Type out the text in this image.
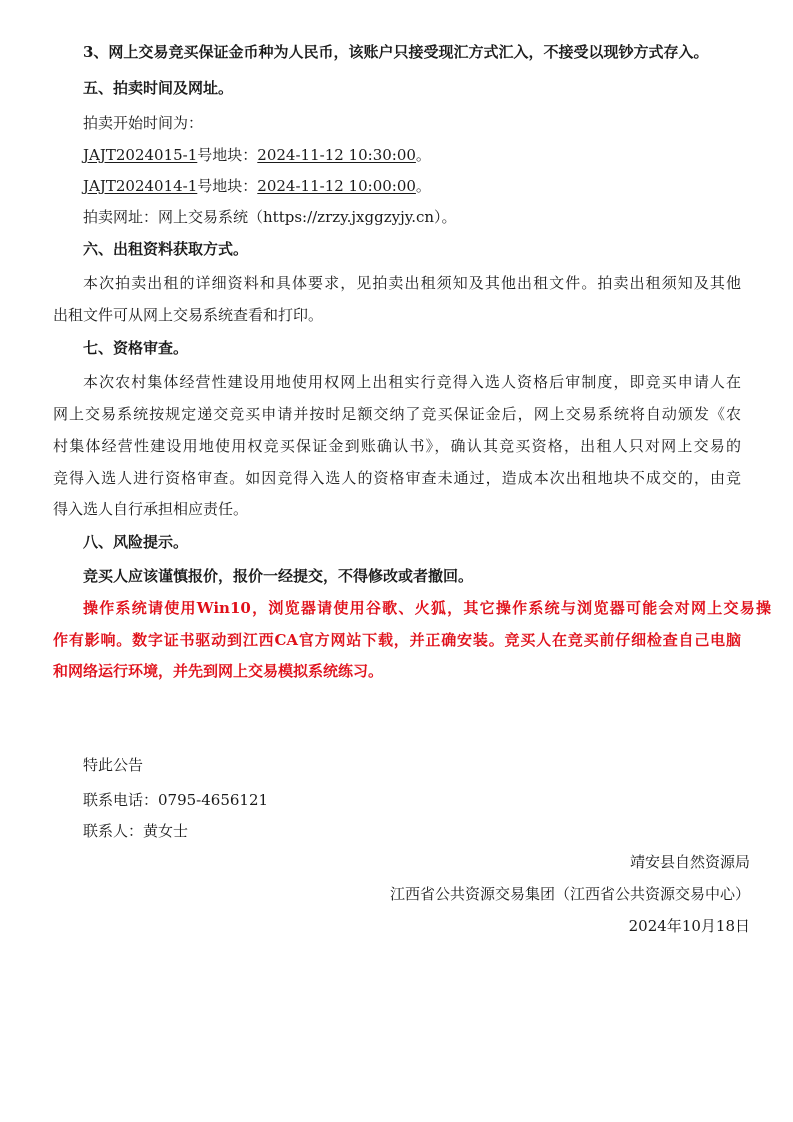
3、网上交易竞买保证金币种为人民币，该账户只接受现汇方式汇入，不接受以现钞方式存入。
五、拍卖时间及网址。
拍卖开始时间为：
JAJT2024015-1号地块：2024-11-12 10:30:00。
JAJT2024014-1号地块：2024-11-12 10:00:00。
拍卖网址：网上交易系统（https://zrzy.jxggzyjy.cn）。
六、出租资料获取方式。
本次拍卖出租的详细资料和具体要求，见拍卖出租须知及其他出租文件。拍卖出租须知及其他
出租文件可从网上交易系统查看和打印。
七、资格审查。
本次农村集体经营性建设用地使用权网上出租实行竞得入选人资格后审制度，即竞买申请人在
网上交易系统按规定递交竞买申请并按时足额交纳了竞买保证金后，网上交易系统将自动颁发《农
村集体经营性建设用地使用权竞买保证金到账确认书》，确认其竞买资格，出租人只对网上交易的
竞得入选人进行资格审查。如因竞得入选人的资格审查未通过，造成本次出租地块不成交的，由竞
得入选人自行承担相应责任。
八、风险提示。
竞买人应该谨慎报价，报价一经提交，不得修改或者撤回。
操作系统请使用Win10，浏览器请使用谷歌、火狐，其它操作系统与浏览器可能会对网上交易操
作有影响。数字证书驱动到江西CA官方网站下载，并正确安装。竞买人在竞买前仔细检查自己电脑
和网络运行环境，并先到网上交易模拟系统练习。
特此公告
联系电话：0795-4656121
联系人：黄女士
靖安县自然资源局
江西省公共资源交易集团（江西省公共资源交易中心）
2024年10月18日
